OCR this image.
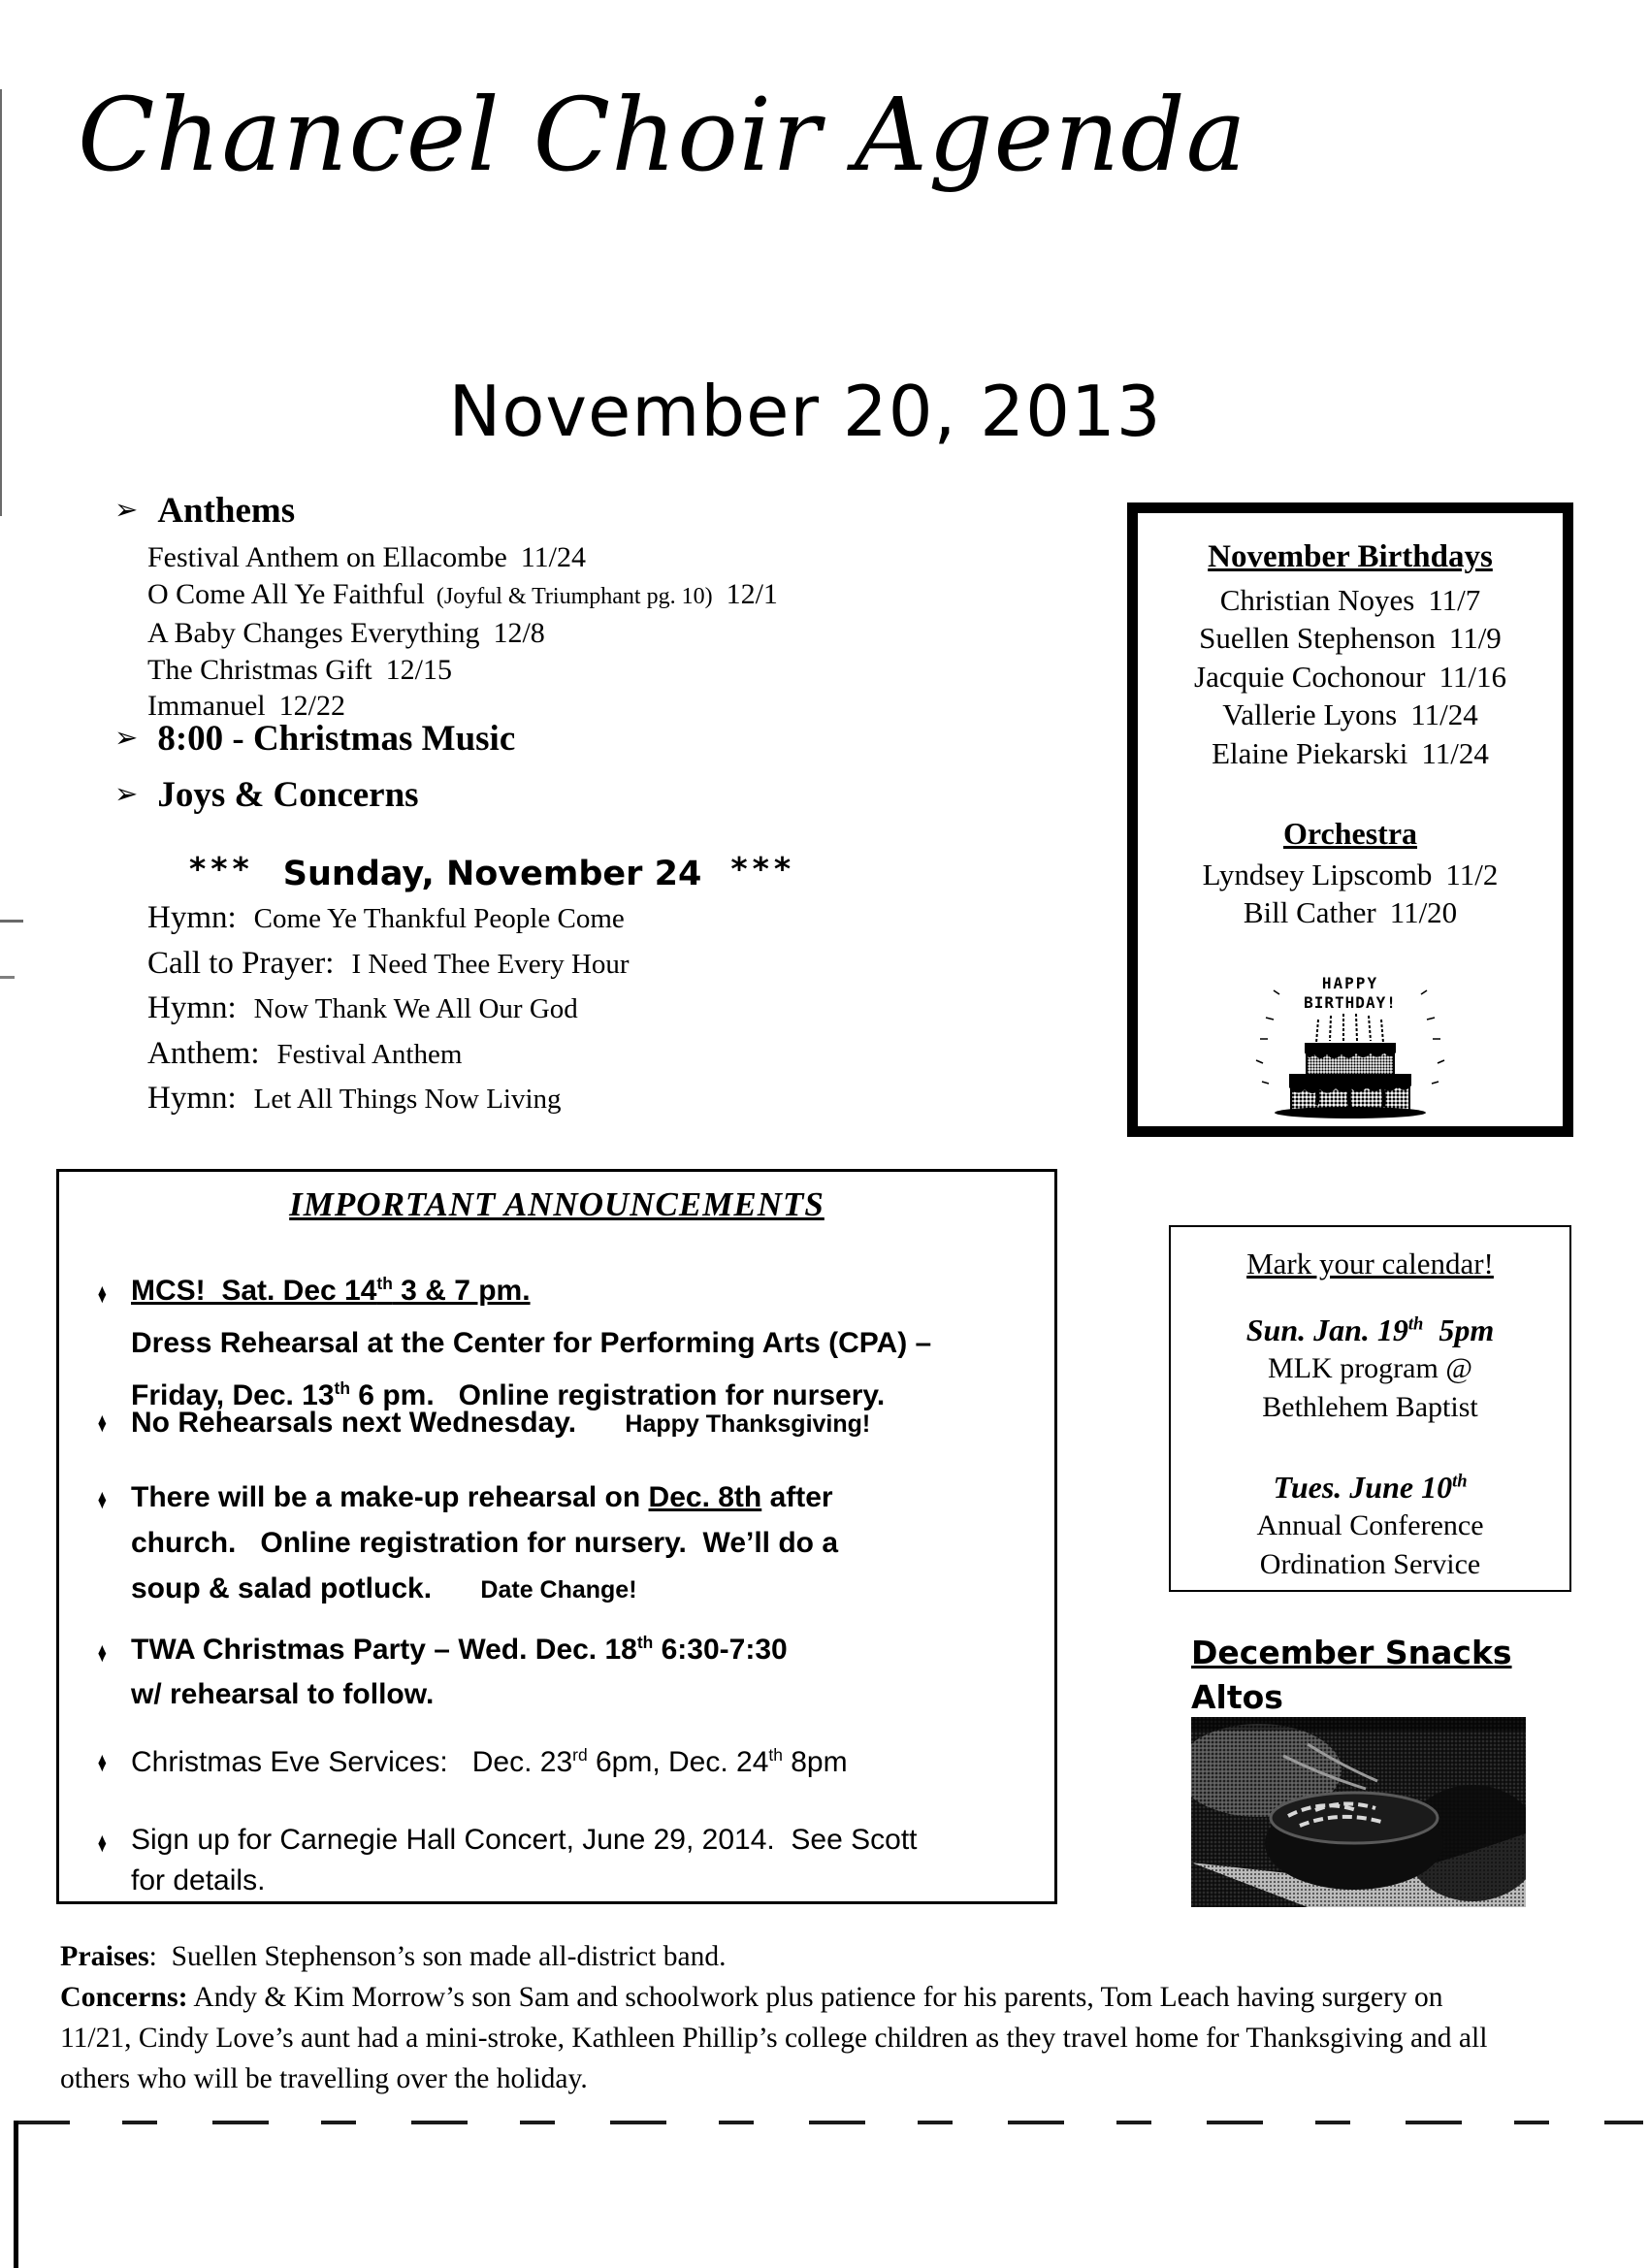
Chancel Choir Agenda
November 20, 2013
➢ Anthems
Festival Anthem on Ellacombe 11/24
O Come All Ye Faithful (Joyful & Triumphant pg. 10) 12/1
A Baby Changes Everything 12/8
The Christmas Gift 12/15
Immanuel 12/22
➢ 8:00 - Christmas Music
➢ Joys & Concerns
*** Sunday, November 24 ***
Hymn: Come Ye Thankful People Come
Call to Prayer: I Need Thee Every Hour
Hymn: Now Thank We All Our God
Anthem: Festival Anthem
Hymn: Let All Things Now Living
November Birthdays
Christian Noyes 11/7
Suellen Stephenson 11/9
Jacquie Cochonour 11/16
Vallerie Lyons 11/24
Elaine Piekarski 11/24
Orchestra
Lyndsey Lipscomb 11/2
Bill Cather 11/20
HAPPY
BIRTHDAY!
IMPORTANT ANNOUNCEMENTS
♦ MCS!  Sat. Dec 14th 3 & 7 pm.
Dress Rehearsal at the Center for Performing Arts (CPA) –
Friday, Dec. 13th 6 pm.   Online registration for nursery.
♦ No Rehearsals next Wednesday. Happy Thanksgiving!
♦ There will be a make-up rehearsal on Dec. 8th after
church.   Online registration for nursery.  We’ll do a
soup & salad potluck. Date Change!
♦ TWA Christmas Party – Wed. Dec. 18th 6:30-7:30
w/ rehearsal to follow.
♦ Christmas Eve Services:   Dec. 23rd 6pm, Dec. 24th 8pm
♦ Sign up for Carnegie Hall Concert, June 29, 2014.  See Scott
for details.
Mark your calendar!
Sun. Jan. 19th  5pm
MLK program @
Bethlehem Baptist
Tues. June 10th
Annual Conference
Ordination Service
December Snacks
Altos
Praises:  Suellen Stephenson’s son made all-district band.
Concerns: Andy & Kim Morrow’s son Sam and schoolwork plus patience for his parents, Tom Leach having surgery on 11/21, Cindy Love’s aunt had a mini-stroke, Kathleen Phillip’s college children as they travel home for Thanksgiving and all others who will be travelling over the holiday.
